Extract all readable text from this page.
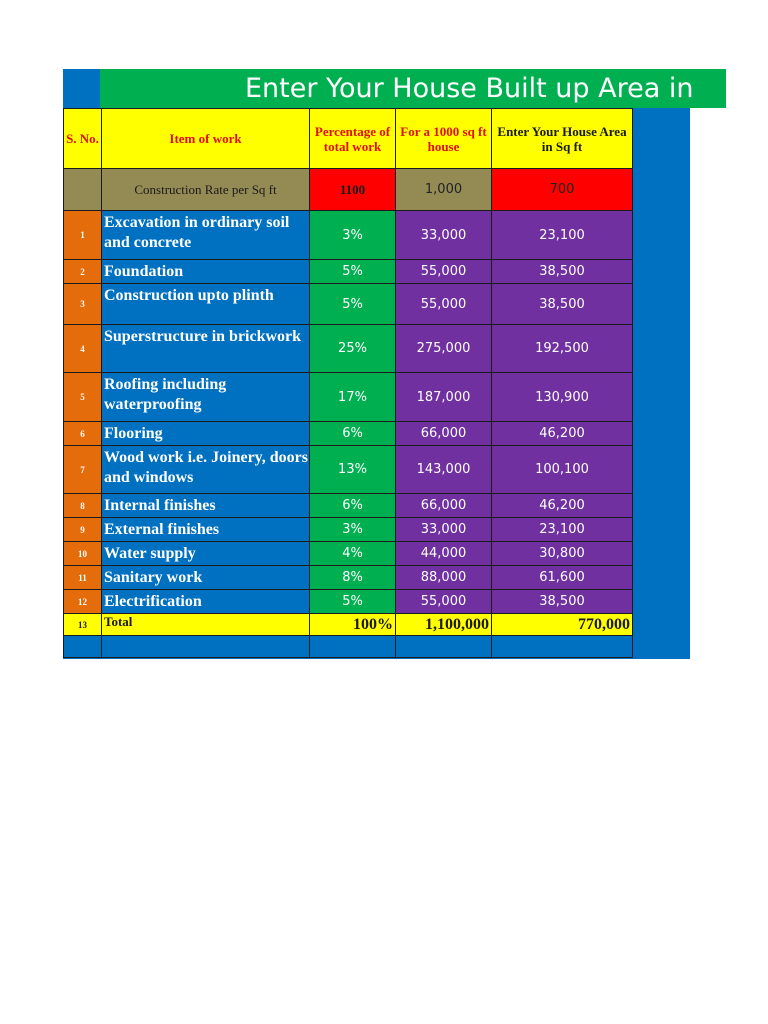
Enter Your House Built up Area in
S. No.	Item of work	Percentage of total work	For a 1000 sq ft house	Enter Your House Area in Sq ft
	Construction Rate per Sq ft	1100	1,000	700
1	Excavation in ordinary soil and concrete	3%	33,000	23,100
2	Foundation	5%	55,000	38,500
3	Construction upto plinth	5%	55,000	38,500
4	Superstructure in brickwork	25%	275,000	192,500
5	Roofing including waterproofing	17%	187,000	130,900
6	Flooring	6%	66,000	46,200
7	Wood work i.e. Joinery, doors and windows	13%	143,000	100,100
8	Internal finishes	6%	66,000	46,200
9	External finishes	3%	33,000	23,100
10	Water supply	4%	44,000	30,800
11	Sanitary work	8%	88,000	61,600
12	Electrification	5%	55,000	38,500
13	Total	100%	1,100,000	770,000
